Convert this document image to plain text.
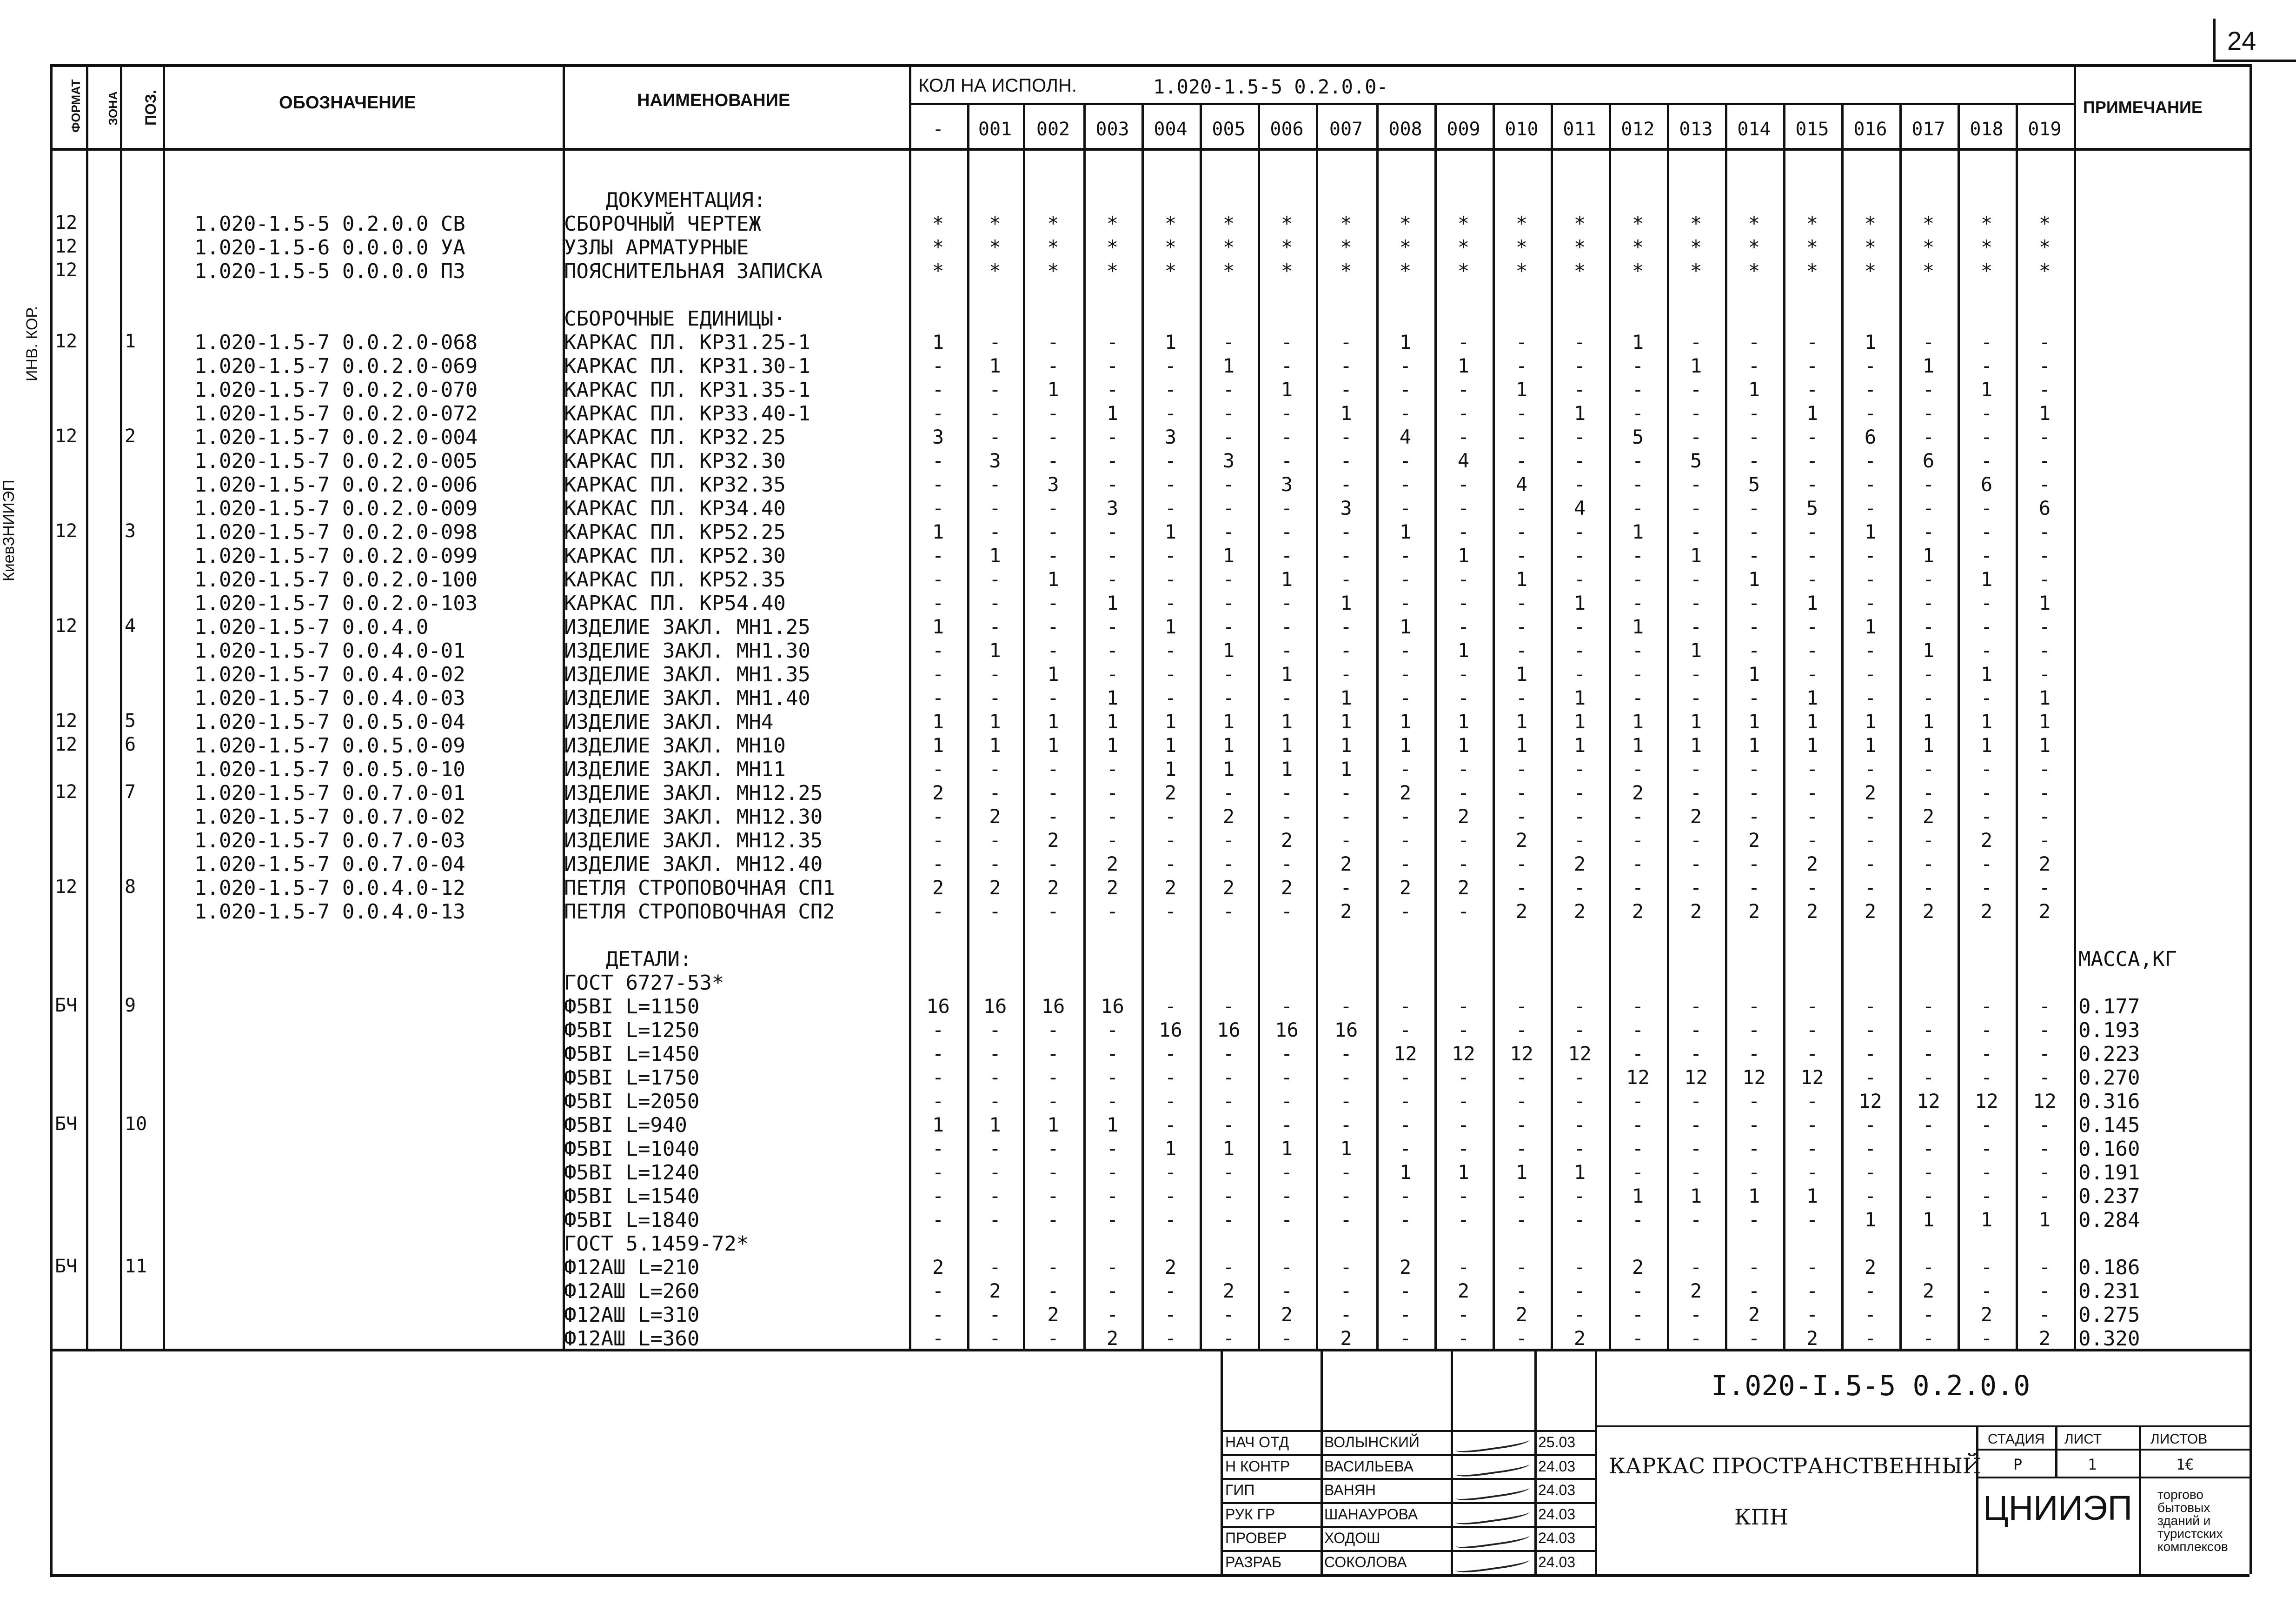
24
КиевЗНИИЭП
ИНВ. КОР.
ФОРМАТ ЗОНА ПОЗ.	ОБОЗНАЧЕНИЕ	НАИМЕНОВАНИЕ
КОЛ НА ИСПОЛН.	1.020-1.5-5 0.2.0.0-
ПРИМЕЧАНИЕ
-	001	002	003	004	005	006	007	008	009	010	011	012	013	014	015	016	017	018	019
ДОКУМЕНТАЦИЯ:
12	1.020-1.5-5 0.2.0.0 СВ	СБОРОЧНЫЙ ЧЕРТЕЖ	*	*	*	*	*	*	*	*	*	*	*	*	*	*	*	*	*	*	*	*
12	1.020-1.5-6 0.0.0.0 УА	УЗЛЫ АРМАТУРНЫЕ	*	*	*	*	*	*	*	*	*	*	*	*	*	*	*	*	*	*	*	*
12	1.020-1.5-5 0.0.0.0 ПЗ	ПОЯСНИТЕЛЬНАЯ ЗАПИСКА	*	*	*	*	*	*	*	*	*	*	*	*	*	*	*	*	*	*	*	*
СБОРОЧНЫЕ ЕДИНИЦЫ·
12	1	1.020-1.5-7 0.0.2.0-068	КАРКАС ПЛ. КР31.25-1	1	-	-	-	1	-	-	-	1	-	-	-	1	-	-	-	1	-	-	-
1.020-1.5-7 0.0.2.0-069	КАРКАС ПЛ. КР31.30-1	-	1	-	-	-	1	-	-	-	1	-	-	-	1	-	-	-	1	-	-
1.020-1.5-7 0.0.2.0-070	КАРКАС ПЛ. КР31.35-1	-	-	1	-	-	-	1	-	-	-	1	-	-	-	1	-	-	-	1	-
1.020-1.5-7 0.0.2.0-072	КАРКАС ПЛ. КР33.40-1	-	-	-	1	-	-	-	1	-	-	-	1	-	-	-	1	-	-	-	1
12	2	1.020-1.5-7 0.0.2.0-004	КАРКАС ПЛ. КР32.25	3	-	-	-	3	-	-	-	4	-	-	-	5	-	-	-	6	-	-	-
1.020-1.5-7 0.0.2.0-005	КАРКАС ПЛ. КР32.30	-	3	-	-	-	3	-	-	-	4	-	-	-	5	-	-	-	6	-	-
1.020-1.5-7 0.0.2.0-006	КАРКАС ПЛ. КР32.35	-	-	3	-	-	-	3	-	-	-	4	-	-	-	5	-	-	-	6	-
1.020-1.5-7 0.0.2.0-009	КАРКАС ПЛ. КР34.40	-	-	-	3	-	-	-	3	-	-	-	4	-	-	-	5	-	-	-	6
12	3	1.020-1.5-7 0.0.2.0-098	КАРКАС ПЛ. КР52.25	1	-	-	-	1	-	-	-	1	-	-	-	1	-	-	-	1	-	-	-
1.020-1.5-7 0.0.2.0-099	КАРКАС ПЛ. КР52.30	-	1	-	-	-	1	-	-	-	1	-	-	-	1	-	-	-	1	-	-
1.020-1.5-7 0.0.2.0-100	КАРКАС ПЛ. КР52.35	-	-	1	-	-	-	1	-	-	-	1	-	-	-	1	-	-	-	1	-
1.020-1.5-7 0.0.2.0-103	КАРКАС ПЛ. КР54.40	-	-	-	1	-	-	-	1	-	-	-	1	-	-	-	1	-	-	-	1
12	4	1.020-1.5-7 0.0.4.0	ИЗДЕЛИЕ ЗАКЛ. МН1.25	1	-	-	-	1	-	-	-	1	-	-	-	1	-	-	-	1	-	-	-
1.020-1.5-7 0.0.4.0-01	ИЗДЕЛИЕ ЗАКЛ. МН1.30	-	1	-	-	-	1	-	-	-	1	-	-	-	1	-	-	-	1	-	-
1.020-1.5-7 0.0.4.0-02	ИЗДЕЛИЕ ЗАКЛ. МН1.35	-	-	1	-	-	-	1	-	-	-	1	-	-	-	1	-	-	-	1	-
1.020-1.5-7 0.0.4.0-03	ИЗДЕЛИЕ ЗАКЛ. МН1.40	-	-	-	1	-	-	-	1	-	-	-	1	-	-	-	1	-	-	-	1
12	5	1.020-1.5-7 0.0.5.0-04	ИЗДЕЛИЕ ЗАКЛ. МН4	1	1	1	1	1	1	1	1	1	1	1	1	1	1	1	1	1	1	1	1
12	6	1.020-1.5-7 0.0.5.0-09	ИЗДЕЛИЕ ЗАКЛ. МН10	1	1	1	1	1	1	1	1	1	1	1	1	1	1	1	1	1	1	1	1
1.020-1.5-7 0.0.5.0-10	ИЗДЕЛИЕ ЗАКЛ. МН11	-	-	-	-	1	1	1	1	-	-	-	-	-	-	-	-	-	-	-	-
12	7	1.020-1.5-7 0.0.7.0-01	ИЗДЕЛИЕ ЗАКЛ. МН12.25	2	-	-	-	2	-	-	-	2	-	-	-	2	-	-	-	2	-	-	-
1.020-1.5-7 0.0.7.0-02	ИЗДЕЛИЕ ЗАКЛ. МН12.30	-	2	-	-	-	2	-	-	-	2	-	-	-	2	-	-	-	2	-	-
1.020-1.5-7 0.0.7.0-03	ИЗДЕЛИЕ ЗАКЛ. МН12.35	-	-	2	-	-	-	2	-	-	-	2	-	-	-	2	-	-	-	2	-
1.020-1.5-7 0.0.7.0-04	ИЗДЕЛИЕ ЗАКЛ. МН12.40	-	-	-	2	-	-	-	2	-	-	-	2	-	-	-	2	-	-	-	2
12	8	1.020-1.5-7 0.0.4.0-12	ПЕТЛЯ СТРОПОВОЧНАЯ СП1	2	2	2	2	2	2	2	-	2	2	-	-	-	-	-	-	-	-	-	-
1.020-1.5-7 0.0.4.0-13	ПЕТЛЯ СТРОПОВОЧНАЯ СП2	-	-	-	-	-	-	-	2	-	-	2	2	2	2	2	2	2	2	2	2
ДЕТАЛИ:	МАССА,КГ
ГОСТ 6727-53*
БЧ	9	Ф5ВI L=1150	16	16	16	16	-	-	-	-	-	-	-	-	-	-	-	-	-	-	-	-	0.177
Ф5ВI L=1250	-	-	-	-	16	16	16	16	-	-	-	-	-	-	-	-	-	-	-	-	0.193
Ф5ВI L=1450	-	-	-	-	-	-	-	-	12	12	12	12	-	-	-	-	-	-	-	-	0.223
Ф5ВI L=1750	-	-	-	-	-	-	-	-	-	-	-	-	12	12	12	12	-	-	-	-	0.270
Ф5ВI L=2050	-	-	-	-	-	-	-	-	-	-	-	-	-	-	-	-	12	12	12	12	0.316
БЧ	10	Ф5ВI L=940	1	1	1	1	-	-	-	-	-	-	-	-	-	-	-	-	-	-	-	-	0.145
Ф5ВI L=1040	-	-	-	-	1	1	1	1	-	-	-	-	-	-	-	-	-	-	-	-	0.160
Ф5ВI L=1240	-	-	-	-	-	-	-	-	1	1	1	1	-	-	-	-	-	-	-	-	0.191
Ф5ВI L=1540	-	-	-	-	-	-	-	-	-	-	-	-	1	1	1	1	-	-	-	-	0.237
Ф5ВI L=1840	-	-	-	-	-	-	-	-	-	-	-	-	-	-	-	-	1	1	1	1	0.284
ГОСТ 5.1459-72*
БЧ	11	Ф12АШ L=210	2	-	-	-	2	-	-	-	2	-	-	-	2	-	-	-	2	-	-	-	0.186
Ф12АШ L=260	-	2	-	-	-	2	-	-	-	2	-	-	-	2	-	-	-	2	-	-	0.231
Ф12АШ L=310	-	-	2	-	-	-	2	-	-	-	2	-	-	-	2	-	-	-	2	-	0.275
Ф12АШ L=360	-	-	-	2	-	-	-	2	-	-	-	2	-	-	-	2	-	-	-	2	0.320
I.020-I.5-5 0.2.0.0
КАРКАС ПРОСТРАНСТВЕННЫЙ
КПН
СТАДИЯ ЛИСТ	ЛИСТОВ
Р	1	1€
ЦНИИЭП торгово бытовых зданий и туристских комплексов
НАЧ ОТД ВОЛЫНСКИЙ	25.03
Н КОНТР ВАСИЛЬЕВА	24.03
ГИП	ВАНЯН	24.03
РУК ГР	ШАНАУРОВА	24.03
ПРОВЕР	ХОДОШ	24.03
РАЗРАБ	СОКОЛОВА	24.03
